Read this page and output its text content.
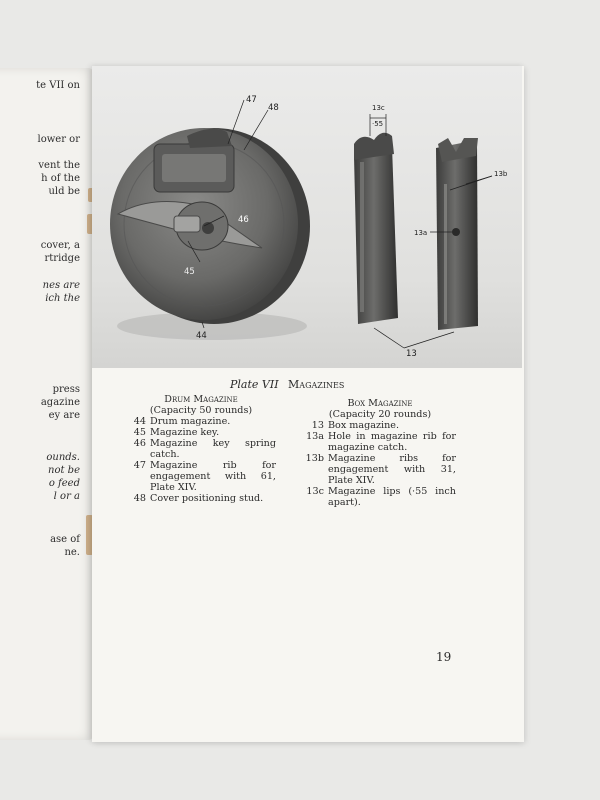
te VII on
lower or
vent the
h of the
uld be
cover, a
rtridge
nes are
ich the
press
agazine
ey are
ounds.
not be
o feed
l or a
ase of
ne.
47
48
46
45
44
13c
·55
13b
13a
13
Plate VII Magazines
Drum Magazine
(Capacity 50 rounds)
44 Drum magazine.
45 Magazine key.
46 Magazine key spring catch.
47 Magazine rib for engagement with 61, Plate XIV.
48 Cover positioning stud.
Box Magazine
(Capacity 20 rounds)
13 Box magazine.
13a Hole in magazine rib for magazine catch.
13b Magazine ribs for engagement with 31, Plate XIV.
13c Magazine lips (·55 inch apart).
19
